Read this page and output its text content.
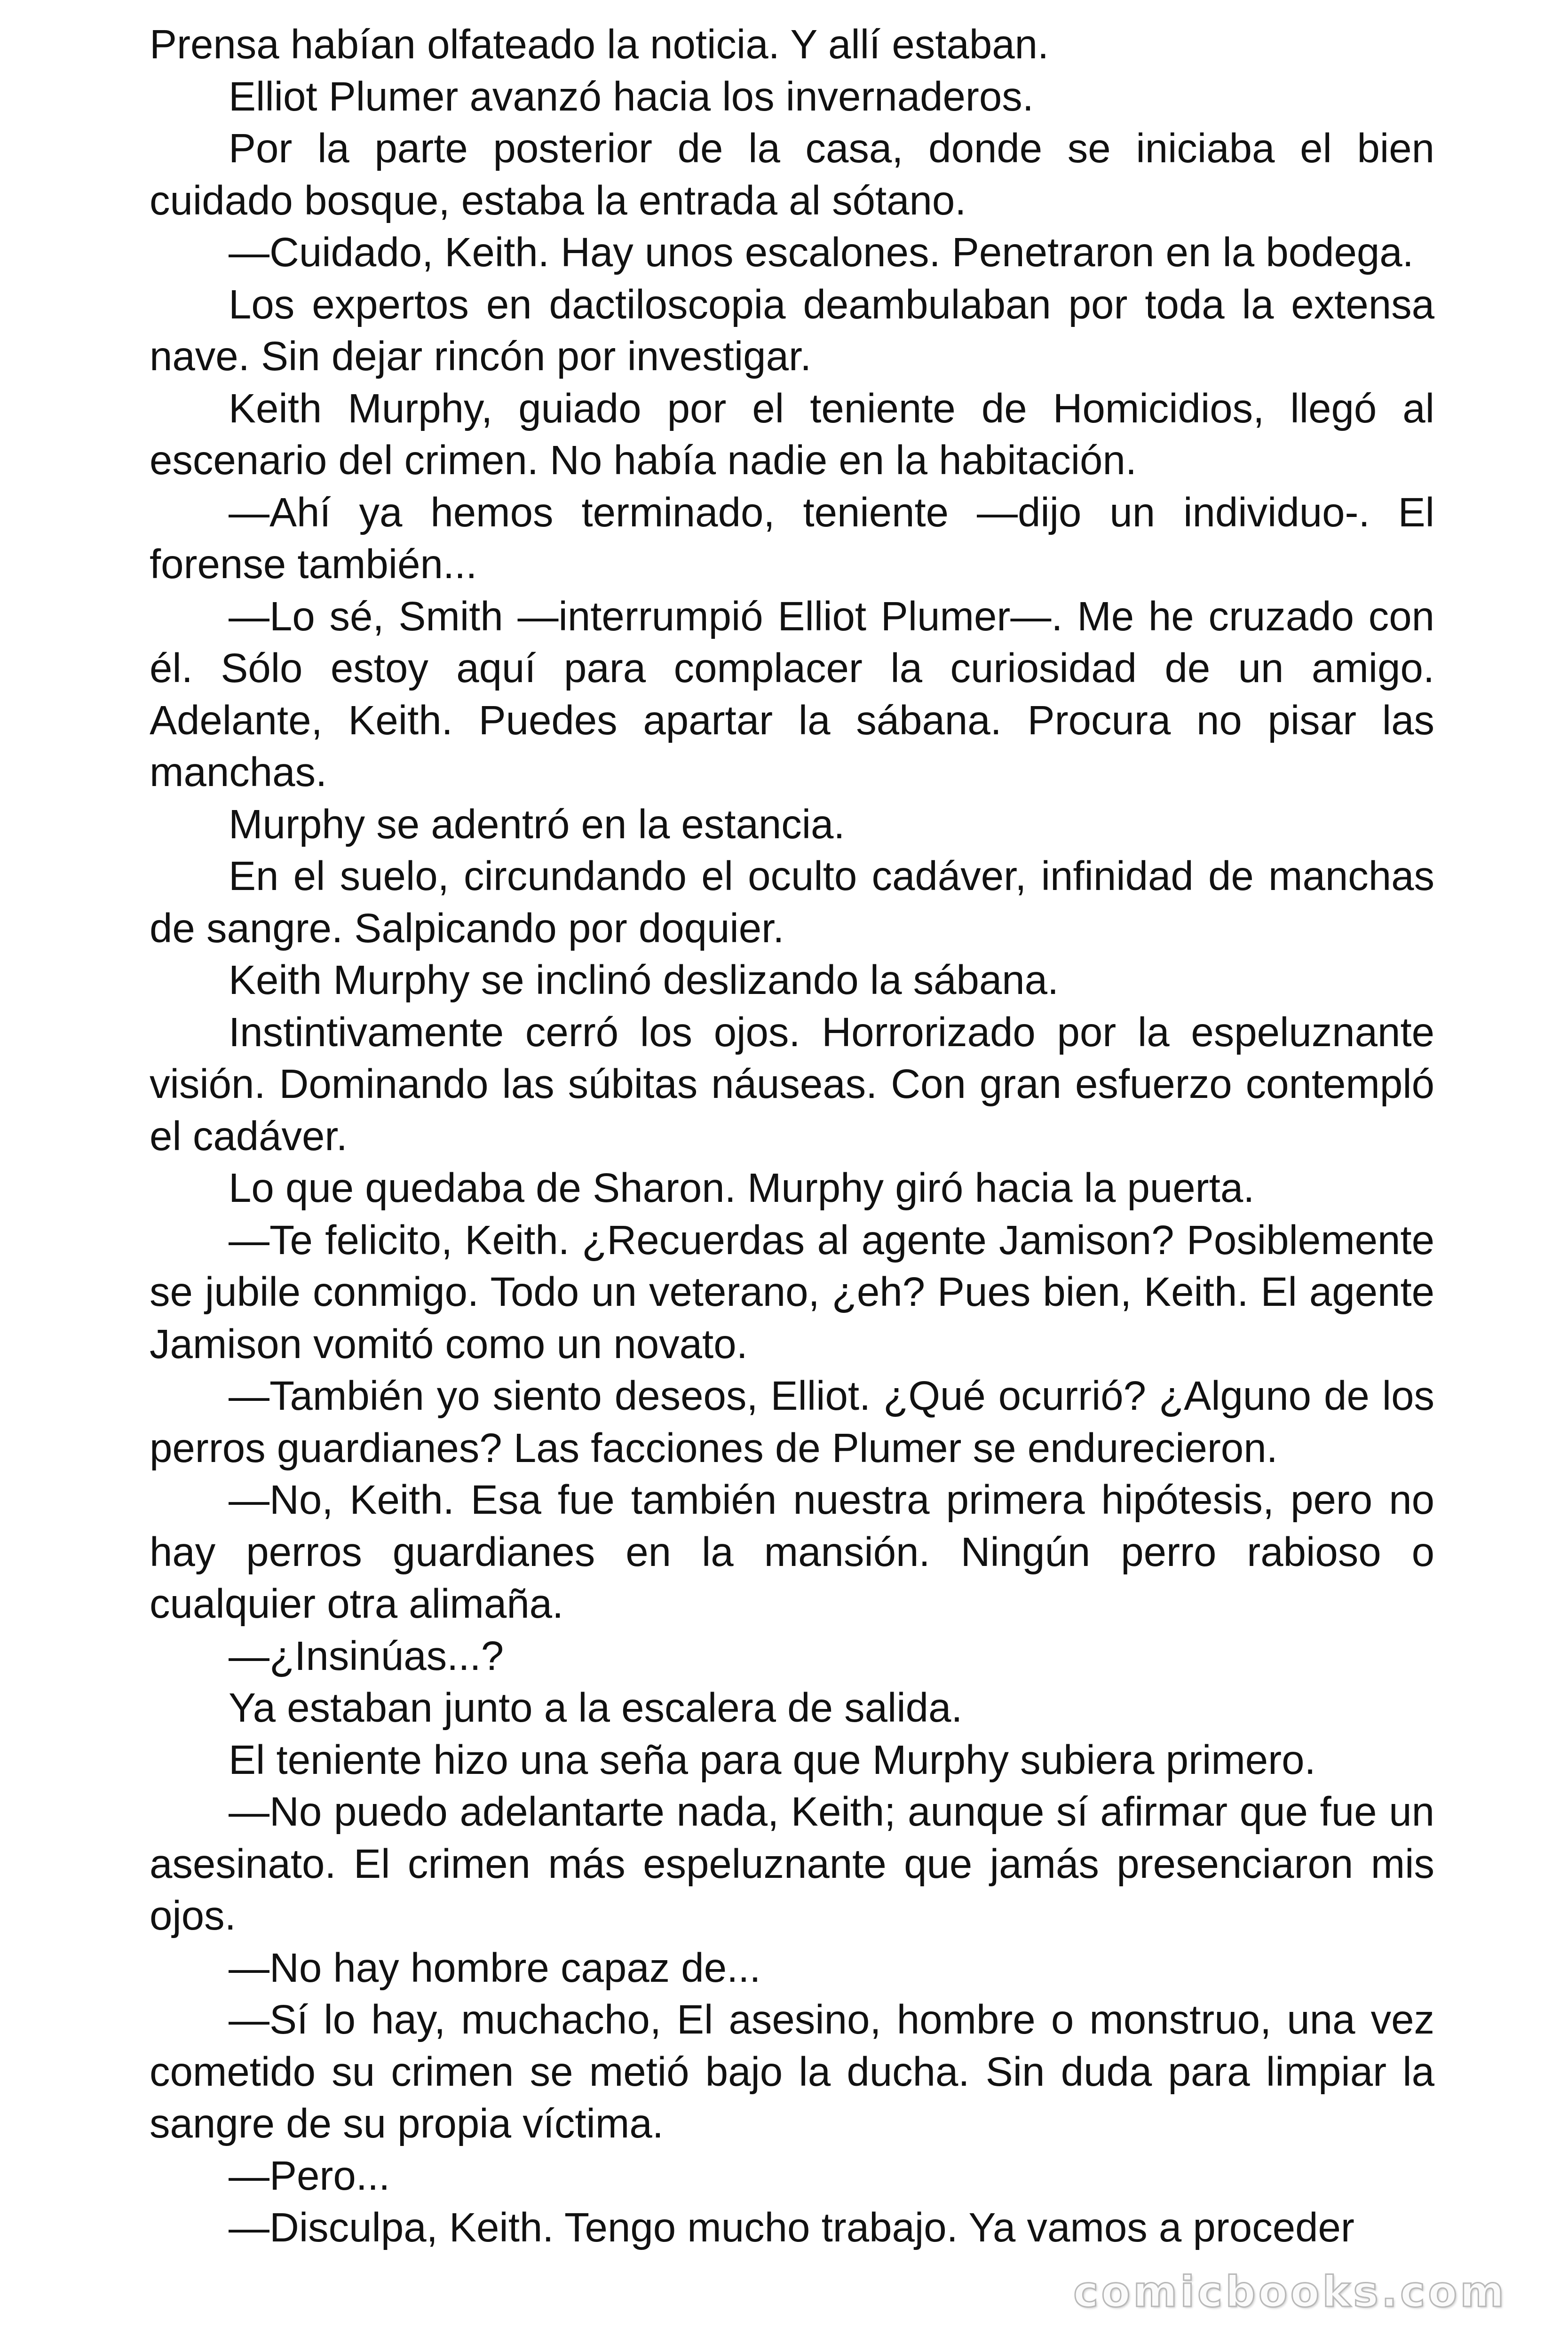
Prensa habían olfateado la noticia. Y allí estaban.

Elliot Plumer avanzó hacia los invernaderos.

Por la parte posterior de la casa, donde se iniciaba el bien cuidado bosque, estaba la entrada al sótano.

—Cuidado, Keith. Hay unos escalones. Penetraron en la bodega.

Los expertos en dactiloscopia deambulaban por toda la extensa nave. Sin dejar rincón por investigar.

Keith Murphy, guiado por el teniente de Homicidios, llegó al escenario del crimen. No había nadie en la habitación.

—Ahí ya hemos terminado, teniente —dijo un individuo-. El forense también...

—Lo sé, Smith —interrumpió Elliot Plumer—. Me he cruzado con él. Sólo estoy aquí para complacer la curiosidad de un amigo. Adelante, Keith. Puedes apartar la sábana. Procura no pisar las manchas.

Murphy se adentró en la estancia.

En el suelo, circundando el oculto cadáver, infinidad de manchas de sangre. Salpicando por doquier.

Keith Murphy se inclinó deslizando la sábana.

Instintivamente cerró los ojos. Horrorizado por la espeluznante visión. Dominando las súbitas náuseas. Con gran esfuerzo contempló el cadáver.

Lo que quedaba de Sharon. Murphy giró hacia la puerta.

—Te felicito, Keith. ¿Recuerdas al agente Jamison? Posiblemente se jubile conmigo. Todo un veterano, ¿eh? Pues bien, Keith. El agente Jamison vomitó como un novato.

—También yo siento deseos, Elliot. ¿Qué ocurrió? ¿Alguno de los perros guardianes? Las facciones de Plumer se endurecieron.

—No, Keith. Esa fue también nuestra primera hipótesis, pero no hay perros guardianes en la mansión. Ningún perro rabioso o cualquier otra alimaña.

—¿Insinúas...?

Ya estaban junto a la escalera de salida.

El teniente hizo una seña para que Murphy subiera primero.

—No puedo adelantarte nada, Keith; aunque sí afirmar que fue un asesinato. El crimen más espeluznante que jamás presenciaron mis ojos.

—No hay hombre capaz de...

—Sí lo hay, muchacho, El asesino, hombre o monstruo, una vez cometido su crimen se metió bajo la ducha. Sin duda para limpiar la sangre de su propia víctima.

—Pero...

—Disculpa, Keith. Tengo mucho trabajo. Ya vamos a proceder

comicbooks.com
